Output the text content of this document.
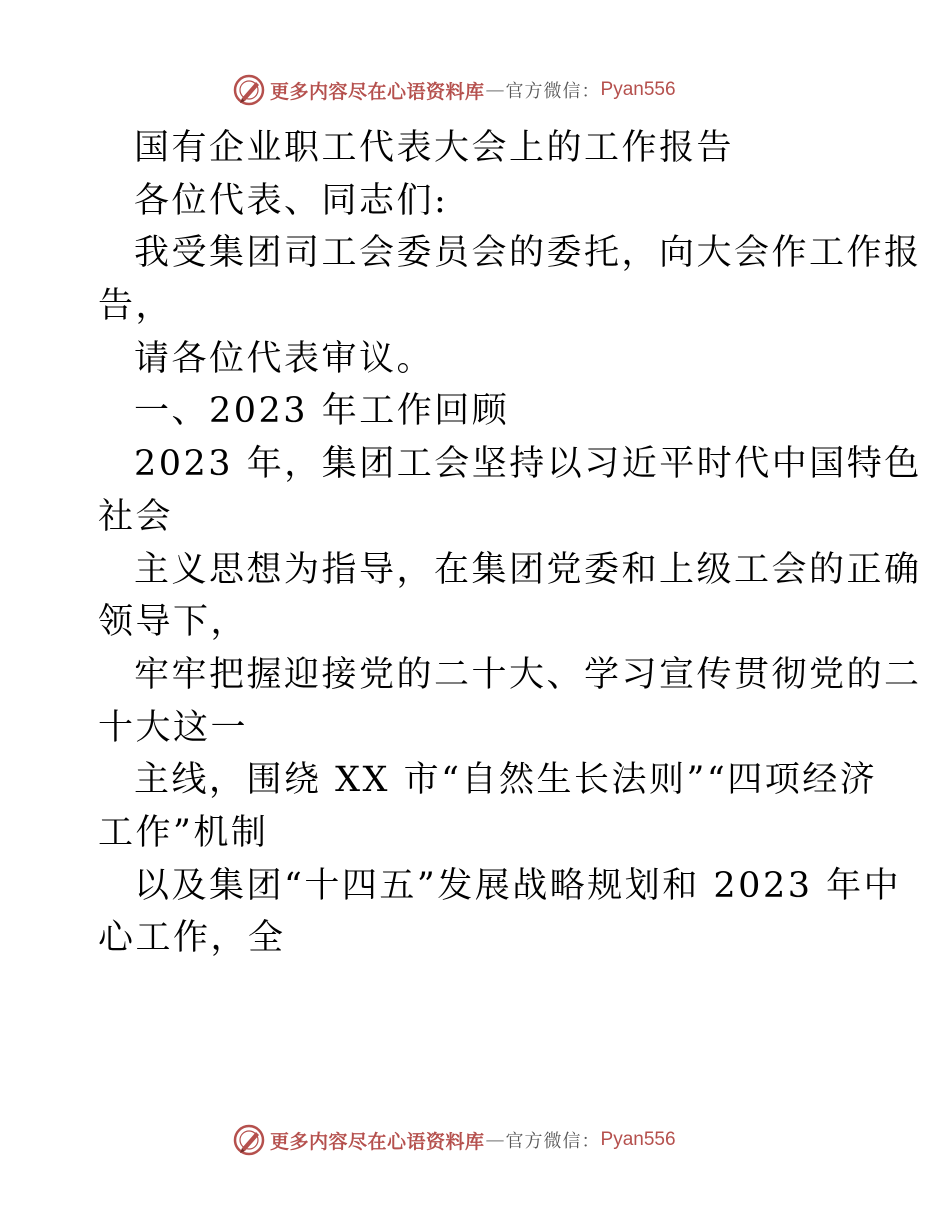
更多内容尽在心语资料库 — 官方微信： Pyan556
国有企业职工代表大会上的工作报告
各位代表、同志们:
我受集团司工会委员会的委托，向大会作工作报
告，
请各位代表审议。
一、2023 年工作回顾
2023 年，集团工会坚持以习近平时代中国特色
社会
主义思想为指导，在集团党委和上级工会的正确
领导下，
牢牢把握迎接党的二十大、学习宣传贯彻党的二
十大这一
主线，围绕 XX 市“自然生长法则”“四项经济
工作”机制
以及集团“十四五”发展战略规划和 2023 年中
心工作，全
更多内容尽在心语资料库 — 官方微信： Pyan556
